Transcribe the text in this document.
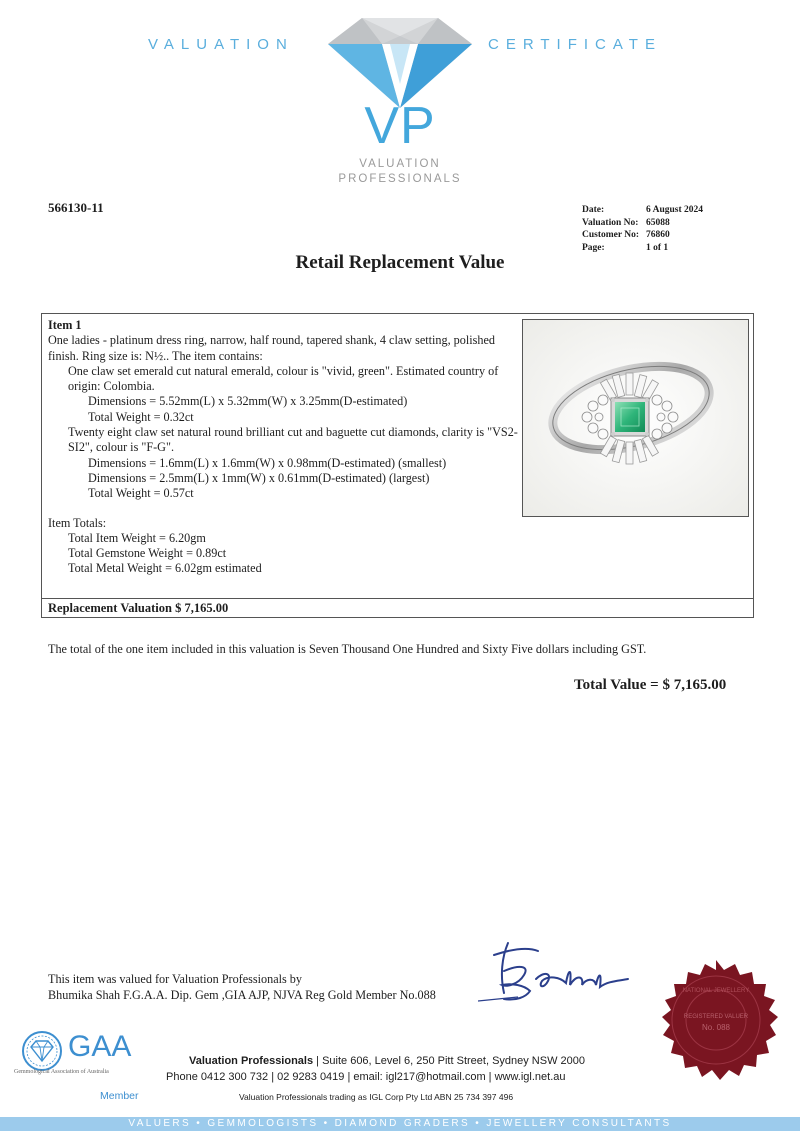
VALUATION	CERTIFICATE
VP
VALUATION
PROFESSIONALS
566130-11	Date:	6 August 2024
Valuation No: 65088
Customer No: 76860
Page:	1 of 1
Retail Replacement Value

Item 1

One ladies - platinum dress ring, narrow, half round, tapered shank, 4 claw setting, polished finish. Ring size is: N½.. The item contains:

One claw set emerald cut natural emerald, colour is "vivid, green". Estimated country of origin: Colombia.

Dimensions = 5.52mm(L) x 5.32mm(W) x 3.25mm(D-estimated)

Total Weight = 0.32ct

Twenty eight claw set natural round brilliant cut and baguette cut diamonds, clarity is "VS2-SI2", colour is "F-G".

Dimensions = 1.6mm(L) x 1.6mm(W) x 0.98mm(D-estimated) (smallest)

Dimensions = 2.5mm(L) x 1mm(W) x 0.61mm(D-estimated) (largest)

Total Weight = 0.57ct

Item Totals:

Total Item Weight = 6.20gm

Total Gemstone Weight = 0.89ct

Total Metal Weight = 6.02gm estimated

Replacement Valuation $ 7,165.00
The total of the one item included in this valuation is Seven Thousand One Hundred and Sixty Five dollars including GST.
Total Value = $ 7,165.00
This item was valued for Valuation Professionals by
Bhumika Shah F.G.A.A. Dip. Gem ,GIA AJP, NJVA Reg Gold Member No.088	NATIONAL JEWELLERY
REGISTERED VALUER
No. 088
GAA
Gemmological Association of Australia
Member
Valuation Professionals | Suite 606, Level 6, 250 Pitt Street, Sydney NSW 2000
Phone 0412 300 732 | 02 9283 0419 | email: igl217@hotmail.com | www.igl.net.au
Valuation Professionals trading as IGL Corp Pty Ltd ABN 25 734 397 496
VALUERS • GEMMOLOGISTS • DIAMOND GRADERS • JEWELLERY CONSULTANTS
